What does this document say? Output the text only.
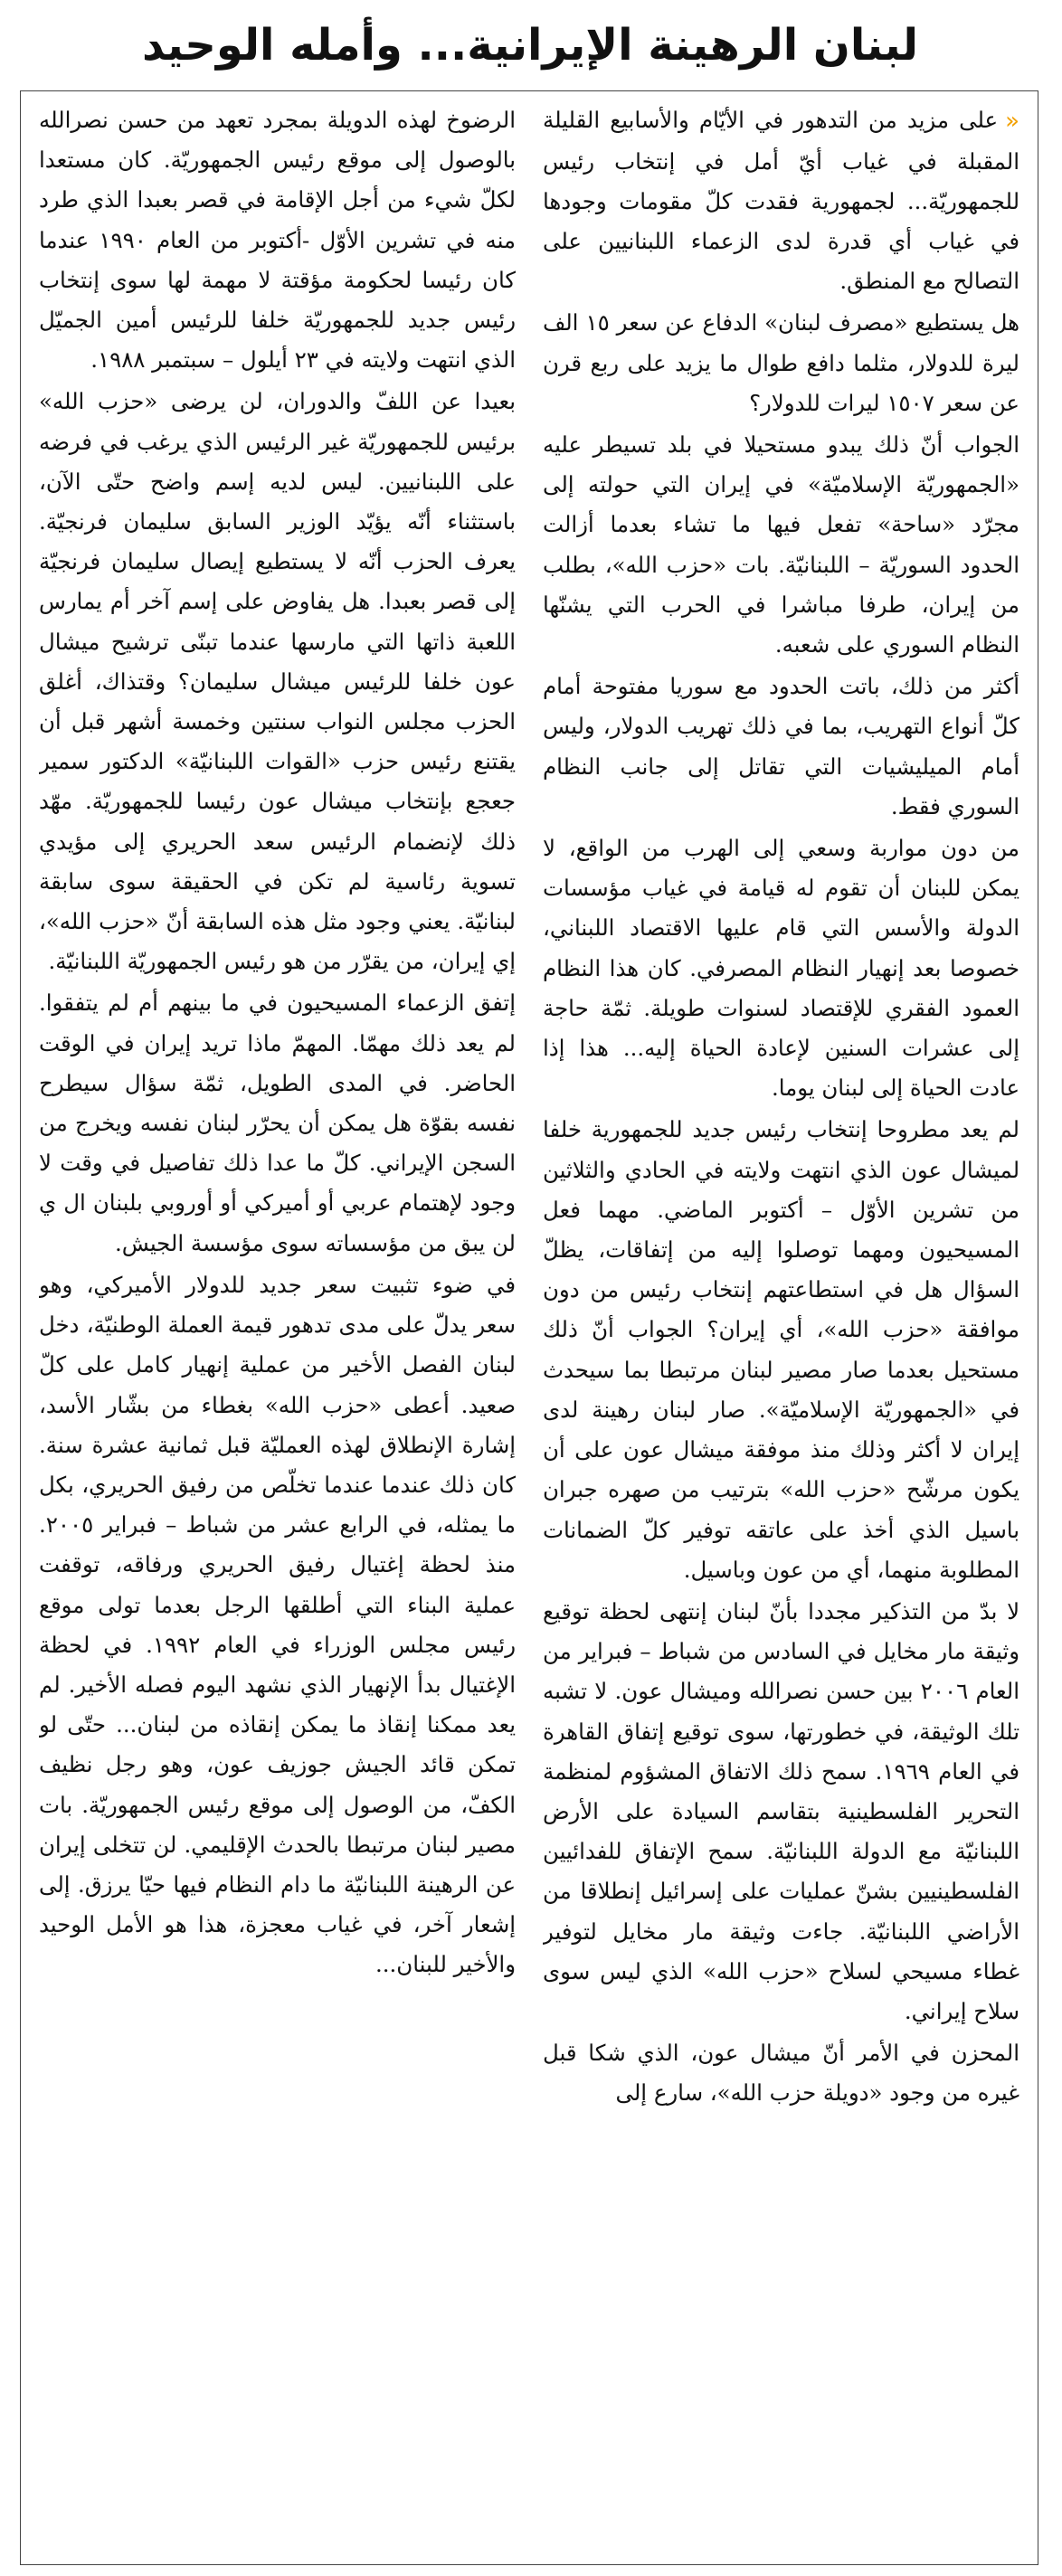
لبنان الرهينة الإيرانية... وأمله الوحيد

«على مزيد من التدهور في الأيّام والأسابيع القليلة المقبلة في غياب أيّ أمل في إنتخاب رئيس للجمهوريّة... لجمهورية فقدت كلّ مقومات وجودها في غياب أي قدرة لدى الزعماء اللبنانيين على التصالح مع المنطق.

هل يستطيع «مصرف لبنان» الدفاع عن سعر ١٥ الف ليرة للدولار، مثلما دافع طوال ما يزيد على ربع قرن عن سعر ١٥٠٧ ليرات للدولار؟

الجواب أنّ ذلك يبدو مستحيلا في بلد تسيطر عليه «الجمهوريّة الإسلاميّة» في إيران التي حولته إلى مجرّد «ساحة» تفعل فيها ما تشاء بعدما أزالت الحدود السوريّة – اللبنانيّة. بات «حزب الله»، بطلب من إيران، طرفا مباشرا في الحرب التي يشنّها النظام السوري على شعبه.

أكثر من ذلك، باتت الحدود مع سوريا مفتوحة أمام كلّ أنواع التهريب، بما في ذلك تهريب الدولار، وليس أمام الميليشيات التي تقاتل إلى جانب النظام السوري فقط.

من دون مواربة وسعي إلى الهرب من الواقع، لا يمكن للبنان أن تقوم له قيامة في غياب مؤسسات الدولة والأسس التي قام عليها الاقتصاد اللبناني، خصوصا بعد إنهيار النظام المصرفي. كان هذا النظام العمود الفقري للإقتصاد لسنوات طويلة. ثمّة حاجة إلى عشرات السنين لإعادة الحياة إليه... هذا إذا عادت الحياة إلى لبنان يوما.

لم يعد مطروحا إنتخاب رئيس جديد للجمهورية خلفا لميشال عون الذي انتهت ولايته في الحادي والثلاثين من تشرين الأوّل – أكتوبر الماضي. مهما فعل المسيحيون ومهما توصلوا إليه من إتفاقات، يظلّ السؤال هل في استطاعتهم إنتخاب رئيس من دون موافقة «حزب الله»، أي إيران؟ الجواب أنّ ذلك مستحيل بعدما صار مصير لبنان مرتبطا بما سيحدث في «الجمهوريّة الإسلاميّة». صار لبنان رهينة لدى إيران لا أكثر وذلك منذ موفقة ميشال عون على أن يكون مرشّح «حزب الله» بترتيب من صهره جبران باسيل الذي أخذ على عاتقه توفير كلّ الضمانات المطلوبة منهما، أي من عون وباسيل.

لا بدّ من التذكير مجددا بأنّ لبنان إنتهى لحظة توقيع وثيقة مار مخايل في السادس من شباط – فبراير من العام ٢٠٠٦ بين حسن نصرالله وميشال عون. لا تشبه تلك الوثيقة، في خطورتها، سوى توقيع إتفاق القاهرة في العام ١٩٦٩. سمح ذلك الاتفاق المشؤوم لمنظمة التحرير الفلسطينية بتقاسم السيادة على الأرض اللبنانيّة مع الدولة اللبنانيّة. سمح الإتفاق للفدائيين الفلسطينيين بشنّ عمليات على إسرائيل إنطلاقا من الأراضي اللبنانيّة. جاءت وثيقة مار مخايل لتوفير غطاء مسيحي لسلاح «حزب الله» الذي ليس سوى سلاح إيراني.

المحزن في الأمر أنّ ميشال عون، الذي شكا قبل غيره من وجود «دويلة حزب الله»، سارع إلى

الرضوخ لهذه الدويلة بمجرد تعهد من حسن نصرالله بالوصول إلى موقع رئيس الجمهوريّة. كان مستعدا لكلّ شيء من أجل الإقامة في قصر بعبدا الذي طرد منه في تشرين الأوّل -أكتوبر من العام ١٩٩٠ عندما كان رئيسا لحكومة مؤقتة لا مهمة لها سوى إنتخاب رئيس جديد للجمهوريّة خلفا للرئيس أمين الجميّل الذي انتهت ولايته في ٢٣ أيلول – سبتمبر ١٩٨٨.

بعيدا عن اللفّ والدوران، لن يرضى «حزب الله» برئيس للجمهوريّة غير الرئيس الذي يرغب في فرضه على اللبنانيين. ليس لديه إسم واضح حتّى الآن، باستثناء أنّه يؤيّد الوزير السابق سليمان فرنجيّة. يعرف الحزب أنّه لا يستطيع إيصال سليمان فرنجيّة إلى قصر بعبدا. هل يفاوض على إسم آخر أم يمارس اللعبة ذاتها التي مارسها عندما تبنّى ترشيح ميشال عون خلفا للرئيس ميشال سليمان؟ وقتذاك، أغلق الحزب مجلس النواب سنتين وخمسة أشهر قبل أن يقتنع رئيس حزب «القوات اللبنانيّة» الدكتور سمير جعجع بإنتخاب ميشال عون رئيسا للجمهوريّة. مهّد ذلك لإنضمام الرئيس سعد الحريري إلى مؤيدي تسوية رئاسية لم تكن في الحقيقة سوى سابقة لبنانيّة. يعني وجود مثل هذه السابقة أنّ «حزب الله»، إي إيران، من يقرّر من هو رئيس الجمهوريّة اللبنانيّة.

إتفق الزعماء المسيحيون في ما بينهم أم لم يتفقوا. لم يعد ذلك مهمّا. المهمّ ماذا تريد إيران في الوقت الحاضر. في المدى الطويل، ثمّة سؤال سيطرح نفسه بقوّة هل يمكن أن يحرّر لبنان نفسه ويخرج من السجن الإيراني. كلّ ما عدا ذلك تفاصيل في وقت لا وجود لإهتمام عربي أو أميركي أو أوروبي بلبنان ال ي لن يبق من مؤسساته سوى مؤسسة الجيش.

في ضوء تثبيت سعر جديد للدولار الأميركي، وهو سعر يدلّ على مدى تدهور قيمة العملة الوطنيّة، دخل لبنان الفصل الأخير من عملية إنهيار كامل على كلّ صعيد. أعطى «حزب الله» بغطاء من بشّار الأسد، إشارة الإنطلاق لهذه العمليّة قبل ثمانية عشرة سنة. كان ذلك عندما عندما تخلّص من رفيق الحريري، بكل ما يمثله، في الرابع عشر من شباط – فبراير ٢٠٠٥. منذ لحظة إغتيال رفيق الحريري ورفاقه، توقفت عملية البناء التي أطلقها الرجل بعدما تولى موقع رئيس مجلس الوزراء في العام ١٩٩٢. في لحظة الإغتيال بدأ الإنهيار الذي نشهد اليوم فصله الأخير. لم يعد ممكنا إنقاذ ما يمكن إنقاذه من لبنان... حتّى لو تمكن قائد الجيش جوزيف عون، وهو رجل نظيف الكفّ، من الوصول إلى موقع رئيس الجمهوريّة. بات مصير لبنان مرتبطا بالحدث الإقليمي. لن تتخلى إيران عن الرهينة اللبنانيّة ما دام النظام فيها حيّا يرزق. إلى إشعار آخر، في غياب معجزة، هذا هو الأمل الوحيد والأخير للبنان...
